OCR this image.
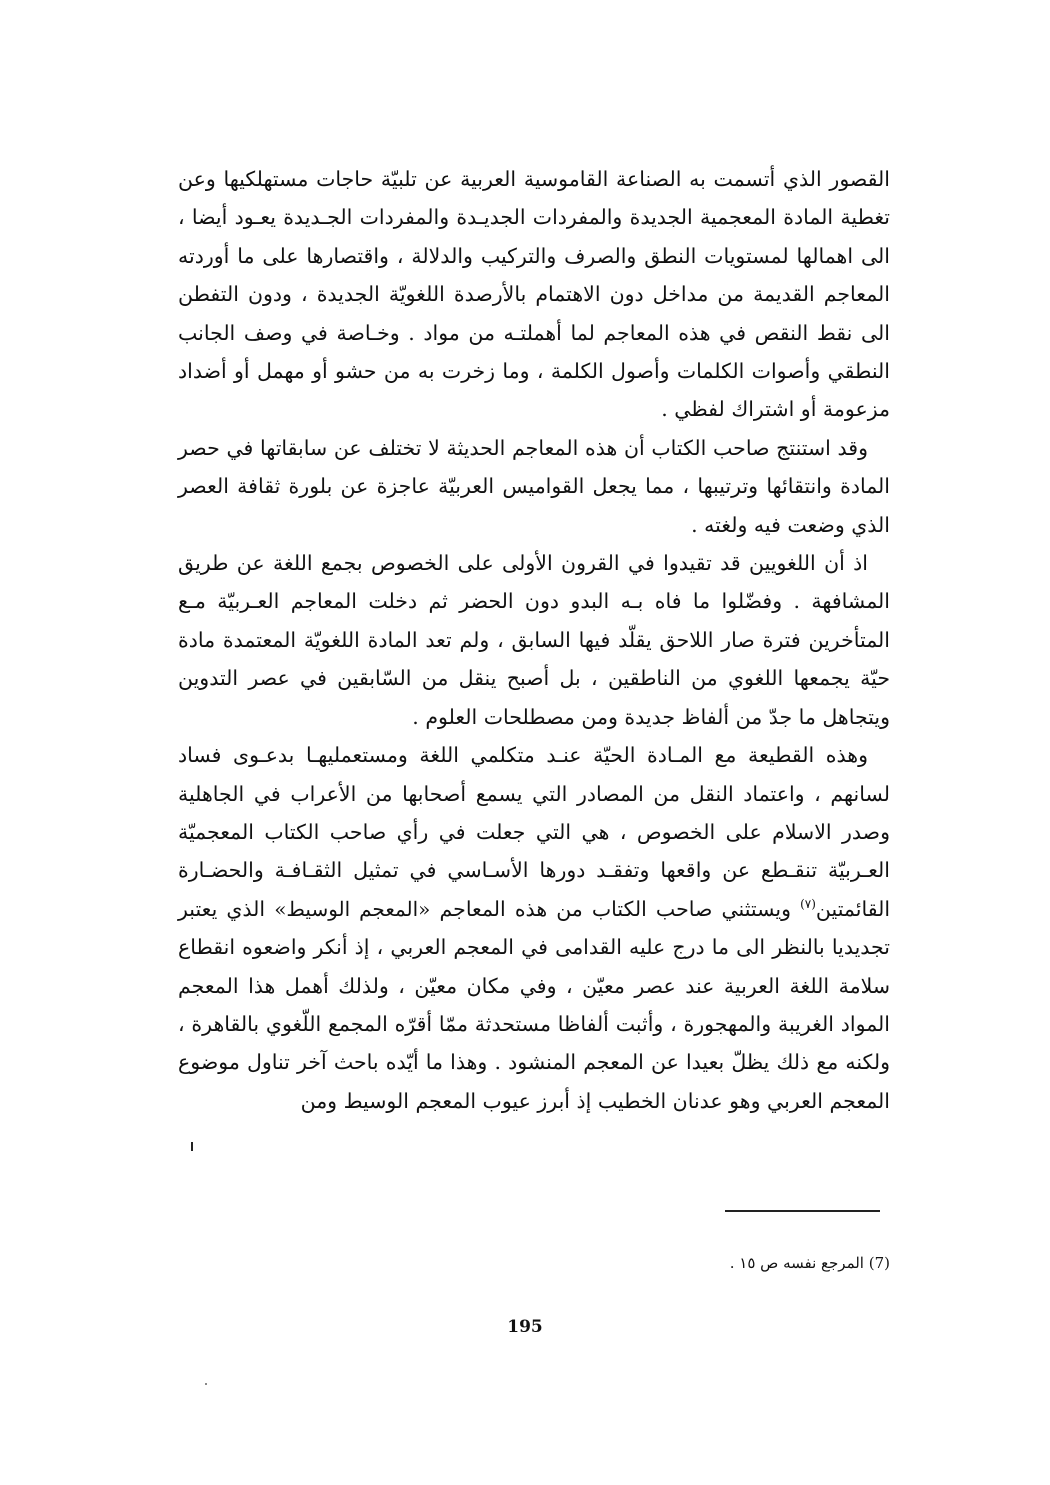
القصور الذي أتسمت به الصناعة القاموسية العربية عن تلبيّة حاجات مستهلكيها وعن تغطية المادة المعجمية الجديدة والمفردات الجديـدة والمفردات الجـديدة يعـود أيضا ، الى اهمالها لمستويات النطق والصرف والتركيب والدلالة ، واقتصارها على ما أوردته المعاجم القديمة من مداخل دون الاهتمام بالأرصدة اللغويّة الجديدة ، ودون التفطن الى نقط النقص في هذه المعاجم لما أهملتـه من مواد . وخـاصة في وصف الجانب النطقي وأصوات الكلمات وأصول الكلمة ، وما زخرت به من حشو أو مهمل أو أضداد مزعومة أو اشتراك لفظي .

وقد استنتج صاحب الكتاب أن هذه المعاجم الحديثة لا تختلف عن سابقاتها في حصر المادة وانتقائها وترتيبها ، مما يجعل القواميس العربيّة عاجزة عن بلورة ثقافة العصر الذي وضعت فيه ولغته .

اذ أن اللغويين قد تقيدوا في القرون الأولى على الخصوص بجمع اللغة عن طريق المشافهة . وفضّلوا ما فاه بـه البدو دون الحضر ثم دخلت المعاجم العـربيّة مـع المتأخرين فترة صار اللاحق يقلّد فيها السابق ، ولم تعد المادة اللغويّة المعتمدة مادة حيّة يجمعها اللغوي من الناطقين ، بل أصبح ينقل من السّابقين في عصر التدوين ويتجاهل ما جدّ من ألفاظ جديدة ومن مصطلحات العلوم .

وهذه القطيعة مع المـادة الحيّة عنـد متكلمي اللغة ومستعمليهـا بدعـوى فساد لسانهم ، واعتماد النقل من المصادر التي يسمع أصحابها من الأعراب في الجاهلية وصدر الاسلام على الخصوص ، هي التي جعلت في رأي صاحب الكتاب المعجميّة العـربيّة تنقـطع عن واقعها وتفقـد دورها الأسـاسي في تمثيل الثقـافـة والحضـارة القائمتين$^{(٧)}$ ويستثني صاحب الكتاب من هذه المعاجم «المعجم الوسيط» الذي يعتبر تجديديا بالنظر الى ما درج عليه القدامى في المعجم العربي ، إذ أنكر واضعوه انقطاع سلامة اللغة العربية عند عصر معيّن ، وفي مكان معيّن ، ولذلك أهمل هذا المعجم المواد الغريبة والمهجورة ، وأثبت ألفاظا مستحدثة ممّا أقرّه المجمع اللّغوي بالقاهرة ، ولكنه مع ذلك يظلّ بعيدا عن المعجم المنشود . وهذا ما أيّده باحث آخر تناول موضوع المعجم العربي وهو عدنان الخطيب إذ أبرز عيوب المعجم الوسيط ومن

(7) المرجع نفسه ص ١٥ .
195
